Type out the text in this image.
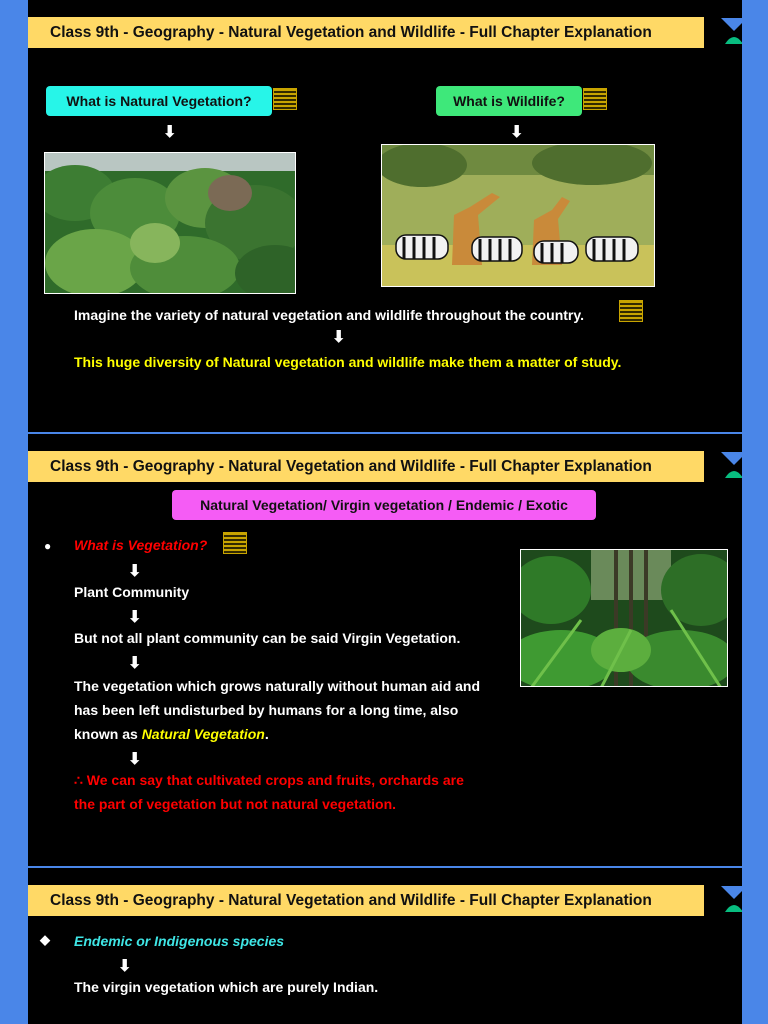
Class 9th - Geography - Natural Vegetation and Wildlife - Full Chapter Explanation
What is Natural Vegetation?	What is Wildlife?
⬇	⬇
Imagine the variety of natural vegetation and wildlife throughout the country.
⬇
This huge diversity of Natural vegetation and wildlife make them a matter of study.
Class 9th - Geography - Natural Vegetation and Wildlife - Full Chapter Explanation
Natural Vegetation/ Virgin vegetation / Endemic / Exotic
● What is Vegetation?
⬇
Plant Community
⬇
But not all plant community can be said Virgin Vegetation.
⬇
The vegetation which grows naturally without human aid and
has been left undisturbed by humans for a long time, also
known as Natural Vegetation.
⬇
∴ We can say that cultivated crops and fruits, orchards are
the part of vegetation but not natural vegetation.
Class 9th - Geography - Natural Vegetation and Wildlife - Full Chapter Explanation
◆ Endemic or Indigenous species
⬇
The virgin vegetation which are purely Indian.
